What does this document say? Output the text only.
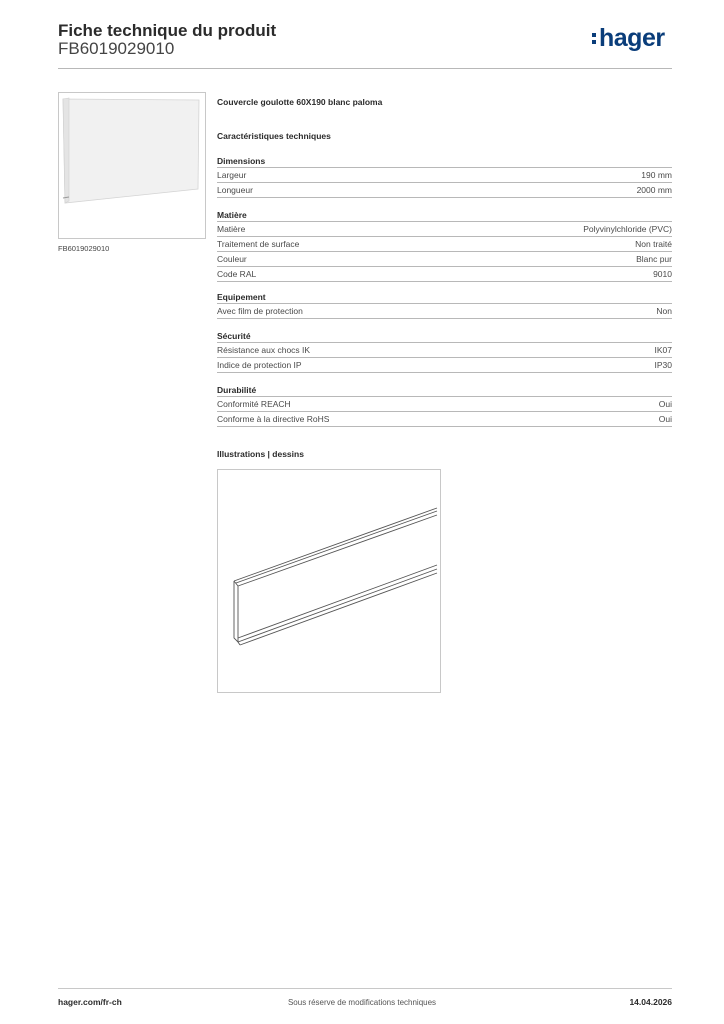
Fiche technique du produit
FB6019029010	hager
FB6019029010
Couvercle goulotte 60X190 blanc paloma
Caractéristiques techniques
Dimensions
Largeur	190 mm
Longueur	2000 mm
Matière
Matière	Polyvinylchloride (PVC)
Traitement de surface	Non traité
Couleur	Blanc pur
Code RAL	9010
Equipement
Avec film de protection	Non
Sécurité
Résistance aux chocs IK	IK07
Indice de protection IP	IP30
Durabilité
Conformité REACH	Oui
Conforme à la directive RoHS	Oui
Illustrations | dessins
hager.com/fr-ch	Sous réserve de modifications techniques	14.04.2026
